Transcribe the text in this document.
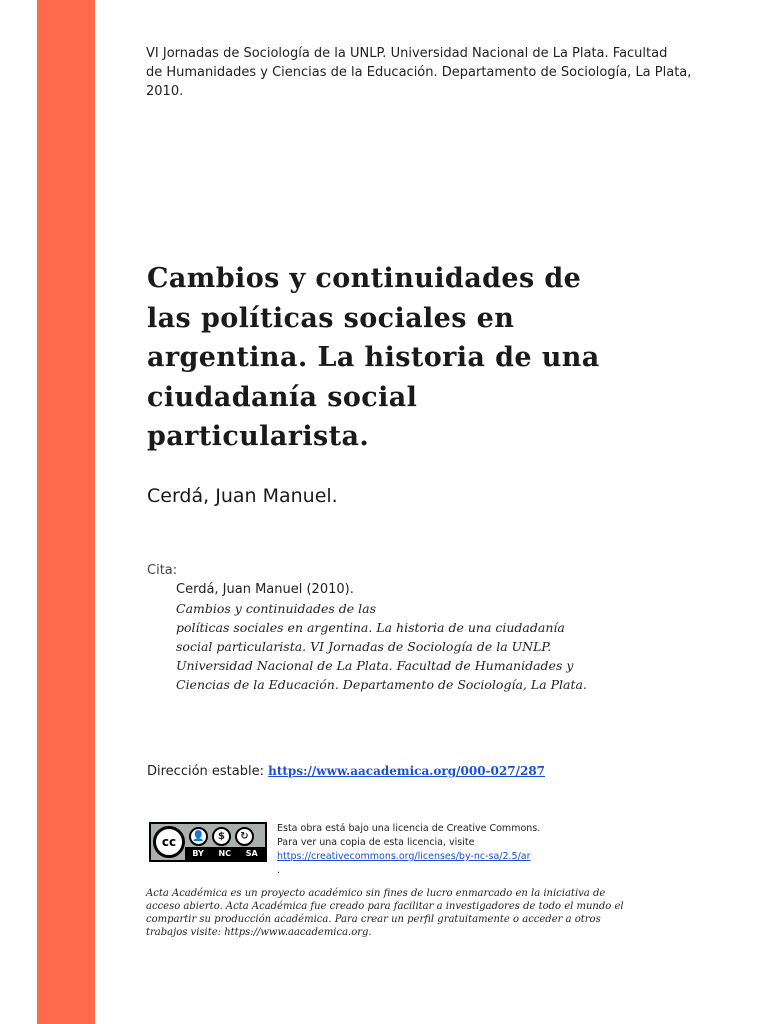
VI Jornadas de Sociología de la UNLP. Universidad Nacional de La Plata. Facultad
de Humanidades y Ciencias de la Educación. Departamento de Sociología, La Plata,
2010.
Cambios y continuidades de
las políticas sociales en
argentina. La historia de una
ciudadanía social
particularista.
Cerdá, Juan Manuel.
Cita:
Cerdá, Juan Manuel (2010).
Cambios y continuidades de las
políticas sociales en argentina. La historia de una ciudadanía
social particularista. VI Jornadas de Sociología de la UNLP.
Universidad Nacional de La Plata. Facultad de Humanidades y
Ciencias de la Educación. Departamento de Sociología, La Plata.
Dirección estable: https://www.aacademica.org/000-027/287
cc	👤	$	↻
BY NC SA
Esta obra está bajo una licencia de Creative Commons.
Para ver una copia de esta licencia, visite
https://creativecommons.org/licenses/by-nc-sa/2.5/ar
.
Acta Académica es un proyecto académico sin fines de lucro enmarcado en la iniciativa de
acceso abierto. Acta Académica fue creado para facilitar a investigadores de todo el mundo el
compartir su producción académica. Para crear un perfil gratuitamente o acceder a otros
trabajos visite: https://www.aacademica.org.
